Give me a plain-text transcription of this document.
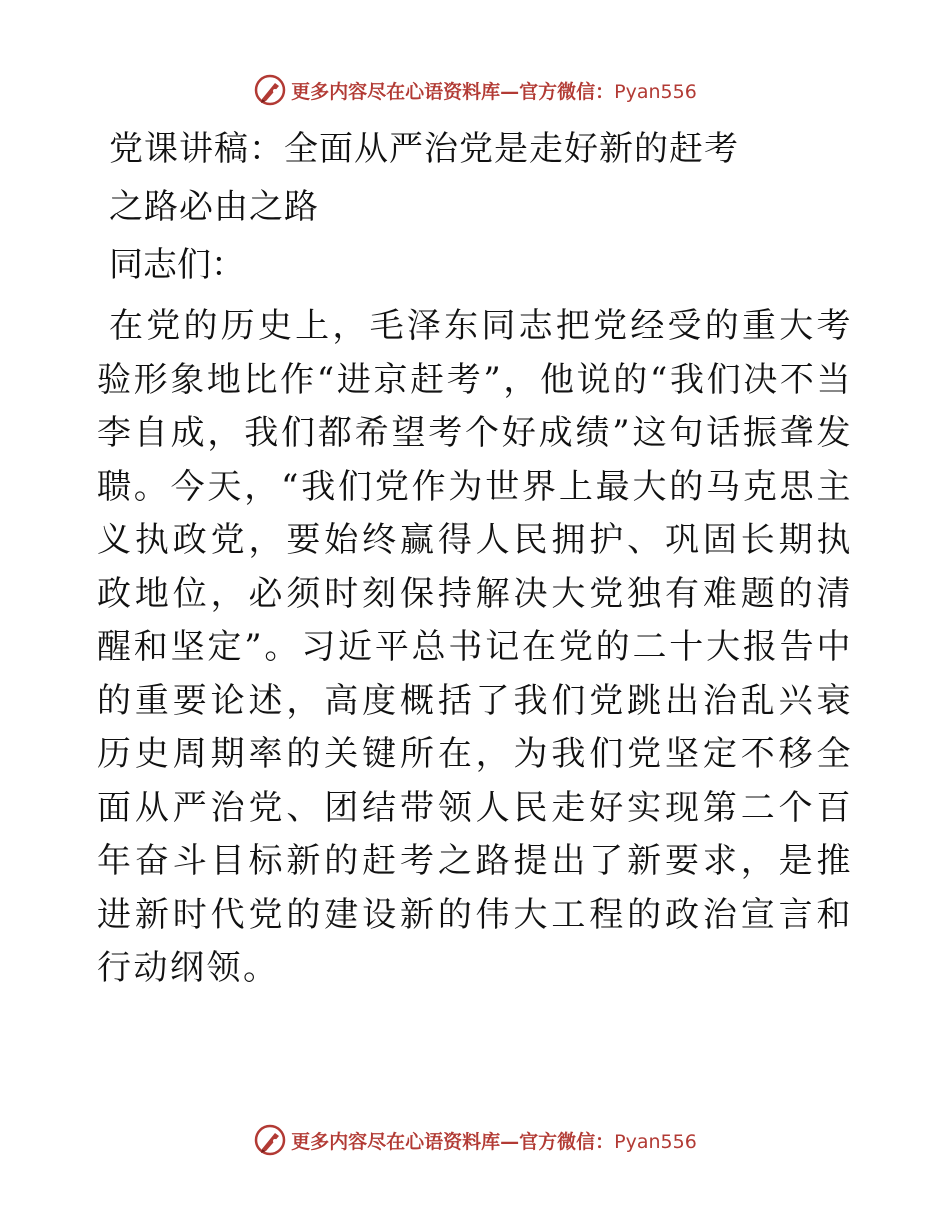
更多内容尽在心语资料库—官方微信：Pyan556
党课讲稿：全面从严治党是走好新的赶考
之路必由之路
同志们：

在党的历史上，毛泽东同志把党经受的重大考验形象地比作“进京赶考”，他说的“我们决不当李自成，我们都希望考个好成绩”这句话振聋发聩。今天，“我们党作为世界上最大的马克思主义执政党，要始终赢得人民拥护、巩固长期执政地位，必须时刻保持解决大党独有难题的清醒和坚定”。习近平总书记在党的二十大报告中的重要论述，高度概括了我们党跳出治乱兴衰历史周期率的关键所在，为我们党坚定不移全面从严治党、团结带领人民走好实现第二个百年奋斗目标新的赶考之路提出了新要求，是推进新时代党的建设新的伟大工程的政治宣言和行动纲领。

更多内容尽在心语资料库—官方微信：Pyan556
